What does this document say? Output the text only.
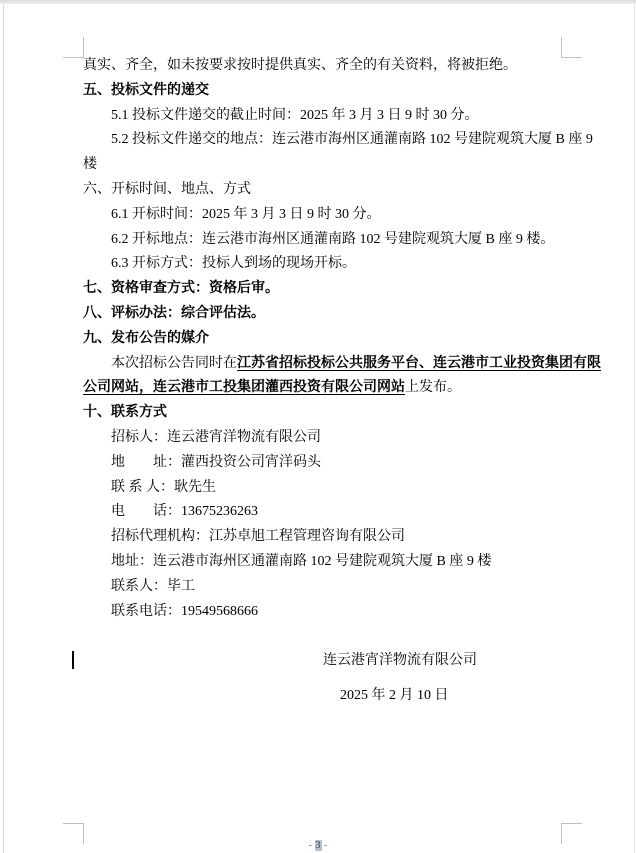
真实、齐全，如未按要求按时提供真实、齐全的有关资料，将被拒绝。
五、投标文件的递交
5.1 投标文件递交的截止时间：2025 年 3 月 3 日 9 时 30 分。
5.2 投标文件递交的地点：连云港市海州区通灌南路 102 号建院观筑大厦 B 座 9
楼
六、开标时间、地点、方式
6.1 开标时间：2025 年 3 月 3 日 9 时 30 分。
6.2 开标地点：连云港市海州区通灌南路 102 号建院观筑大厦 B 座 9 楼。
6.3 开标方式：投标人到场的现场开标。
七、资格审查方式：资格后审。
八、评标办法：综合评估法。
九、发布公告的媒介
本次招标公告同时在江苏省招标投标公共服务平台、连云港市工业投资集团有限
公司网站，连云港市工投集团灌西投资有限公司网站上发布。
十、联系方式
招标人：连云港宵洋物流有限公司
地　　址：灌西投资公司宵洋码头
联 系 人：耿先生
电　　话：13675236263
招标代理机构：江苏卓旭工程管理咨询有限公司
地址：连云港市海州区通灌南路 102 号建院观筑大厦 B 座 9 楼
联系人：毕工
联系电话：19549568666
连云港宵洋物流有限公司
2025 年 2 月 10 日
- 3 -
